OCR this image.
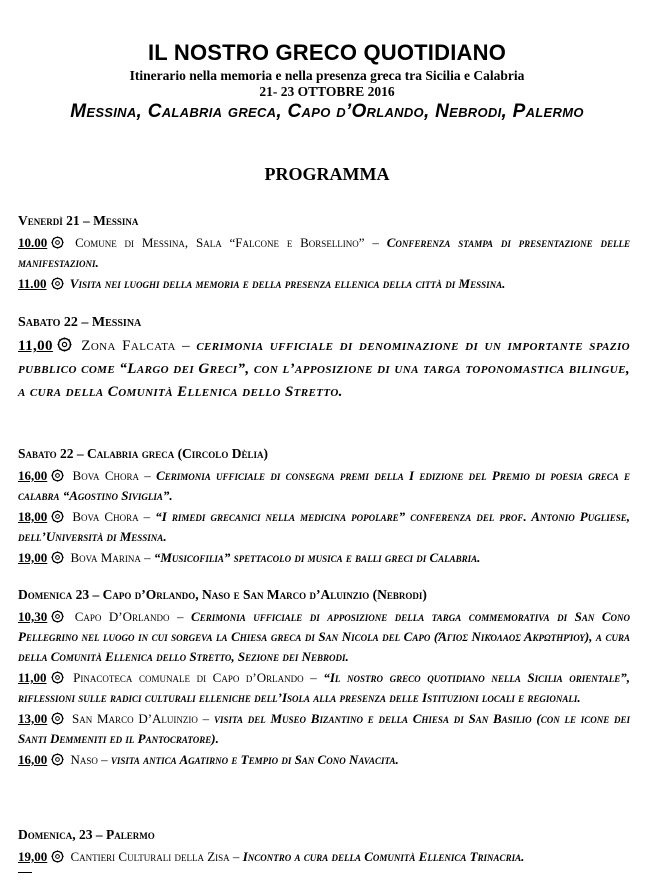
IL NOSTRO GRECO QUOTIDIANO
Itinerario nella memoria e nella presenza greca tra Sicilia e Calabria
21- 23 OTTOBRE 2016
Messina, Calabria greca, Capo d’Orlando, Nebrodi, Palermo
PROGRAMMA
Venerdì 21 – Messina
10.00 Comune di Messina, Sala “Falcone e Borsellino” – Conferenza stampa di presentazione delle manifestazioni.
11.00 Visita nei luoghi della memoria e della presenza ellenica della città di Messina.
Sabato 22 – Messina
11,00 Zona Falcata – cerimonia ufficiale di denominazione di un importante spazio pubblico come “Largo dei Greci”, con l’apposizione di una targa toponomastica bilingue, a cura della Comunità Ellenica dello Stretto.
Sabato 22 – Calabria greca (Circolo Dèlia)
16,00 Bova Chora – Cerimonia ufficiale di consegna premi della I edizione del Premio di poesia greca e calabra “Agostino Siviglia”.
18,00 Bova Chora – “I rimedi grecanici nella medicina popolare” conferenza del prof. Antonio Pugliese, dell’Università di Messina.
19,00 Bova Marina – “Musicofilia” spettacolo di musica e balli greci di Calabria.
Domenica 23 – Capo d’Orlando, Naso e San Marco d’Aluinzio (Nebrodi)
10,30 Capo D’Orlando – Cerimonia ufficiale di apposizione della targa commemorativa di San Cono Pellegrino nel luogo in cui sorgeva la Chiesa greca di San Nicola del Capo (Άγιος Νικόλαος Ακρωτηρίου), a cura della Comunità Ellenica dello Stretto, Sezione dei Nebrodi.
11,00 Pinacoteca comunale di Capo d’Orlando – “Il nostro greco quotidiano nella Sicilia orientale”, riflessioni sulle radici culturali elleniche dell’Isola alla presenza delle Istituzioni locali e regionali.
13,00 San Marco D’Aluinzio – visita del Museo Bizantino e della Chiesa di San Basilio (con le icone dei Santi Demmeniti ed il Pantocratore).
16,00 Naso – visita antica Agatirno e Tempio di San Cono Navacita.
Domenica, 23 – Palermo
19,00 Cantieri Culturali della Zisa – Incontro a cura della Comunità Ellenica Trinacria.
